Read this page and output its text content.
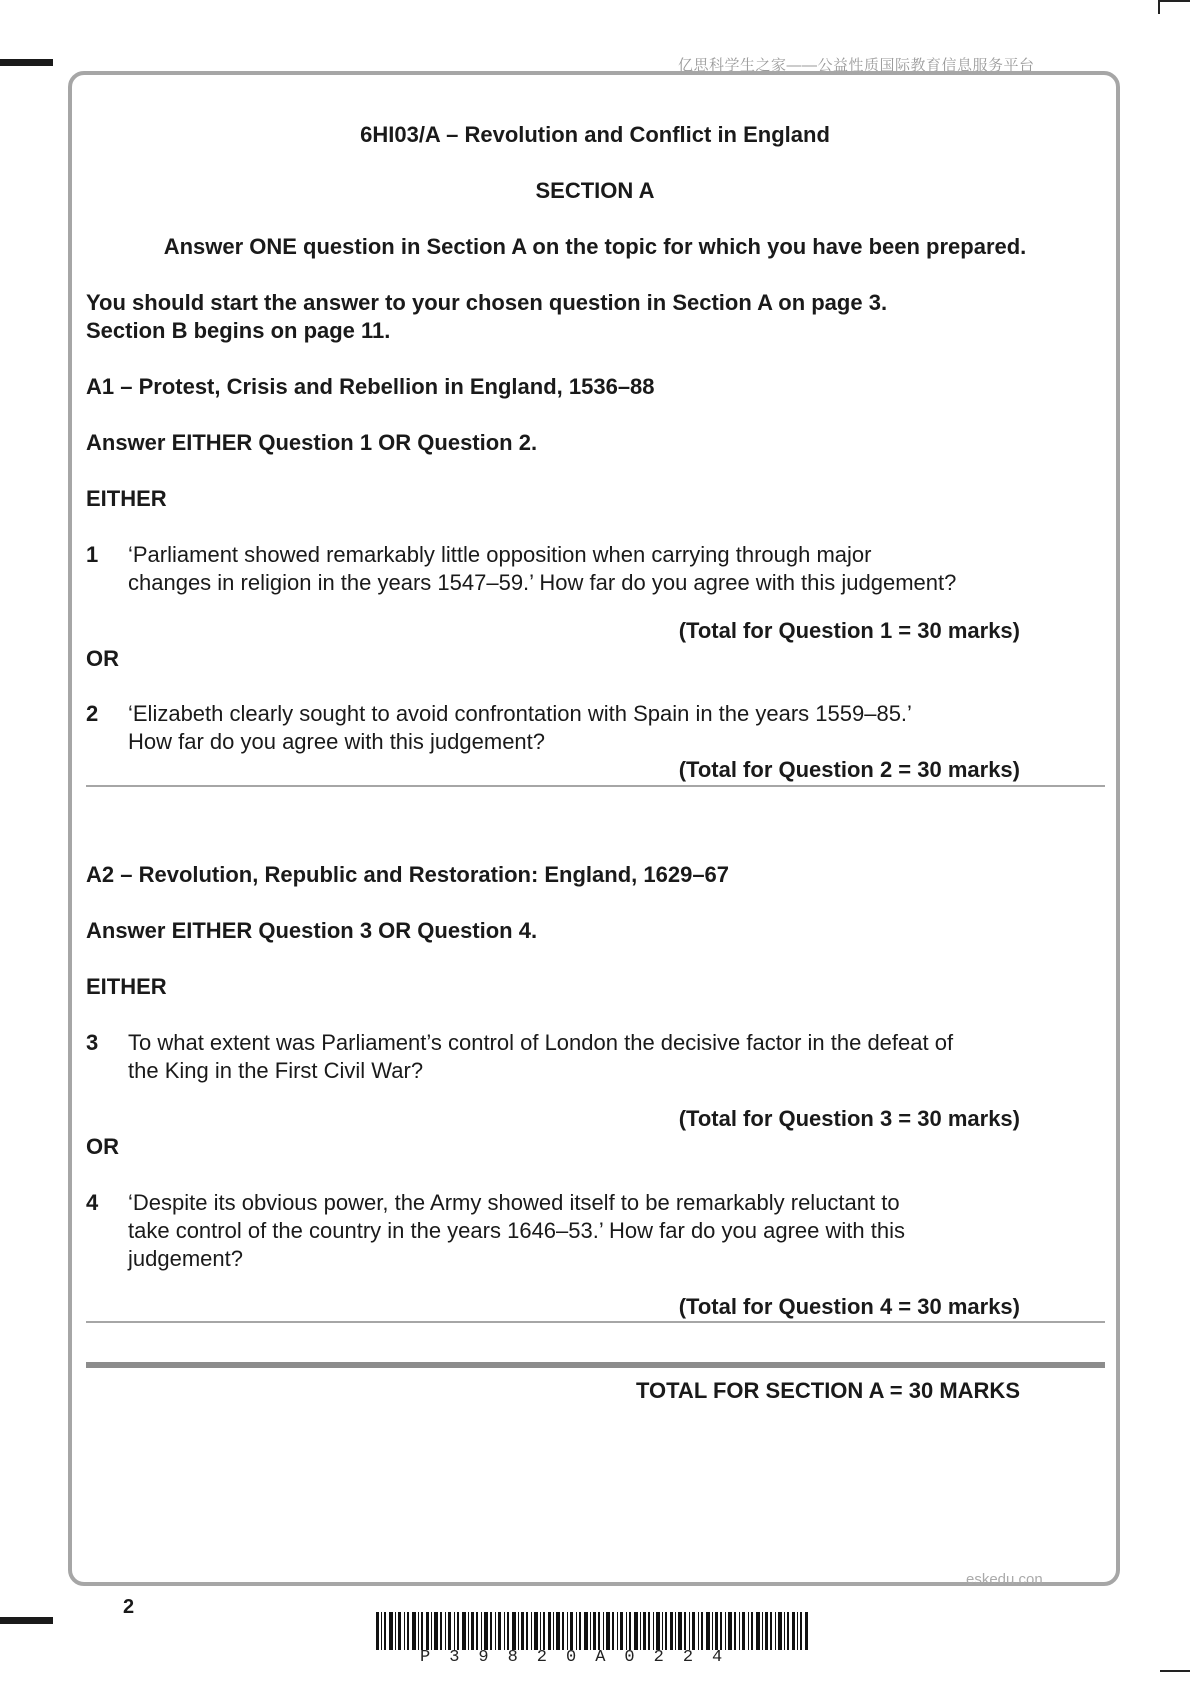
亿思科学生之家——公益性质国际教育信息服务平台
6HI03/A – Revolution and Conflict in England
SECTION A
Answer ONE question in Section A on the topic for which you have been prepared.
You should start the answer to your chosen question in Section A on page 3.
Section B begins on page 11.
A1 – Protest, Crisis and Rebellion in England, 1536–88
Answer EITHER Question 1 OR Question 2.
EITHER
1 ‘Parliament showed remarkably little opposition when carrying through major
changes in religion in the years 1547–59.’ How far do you agree with this judgement?
(Total for Question 1 = 30 marks)
OR
2 ‘Elizabeth clearly sought to avoid confrontation with Spain in the years 1559–85.’
How far do you agree with this judgement?
(Total for Question 2 = 30 marks)
A2 – Revolution, Republic and Restoration: England, 1629–67
Answer EITHER Question 3 OR Question 4.
EITHER
3 To what extent was Parliament’s control of London the decisive factor in the defeat of
the King in the First Civil War?
(Total for Question 3 = 30 marks)
OR
4 ‘Despite its obvious power, the Army showed itself to be remarkably reluctant to
take control of the country in the years 1646–53.’ How far do you agree with this
judgement?
(Total for Question 4 = 30 marks)
TOTAL FOR SECTION A = 30 MARKS
eskedu.con
2
P39820A0224
